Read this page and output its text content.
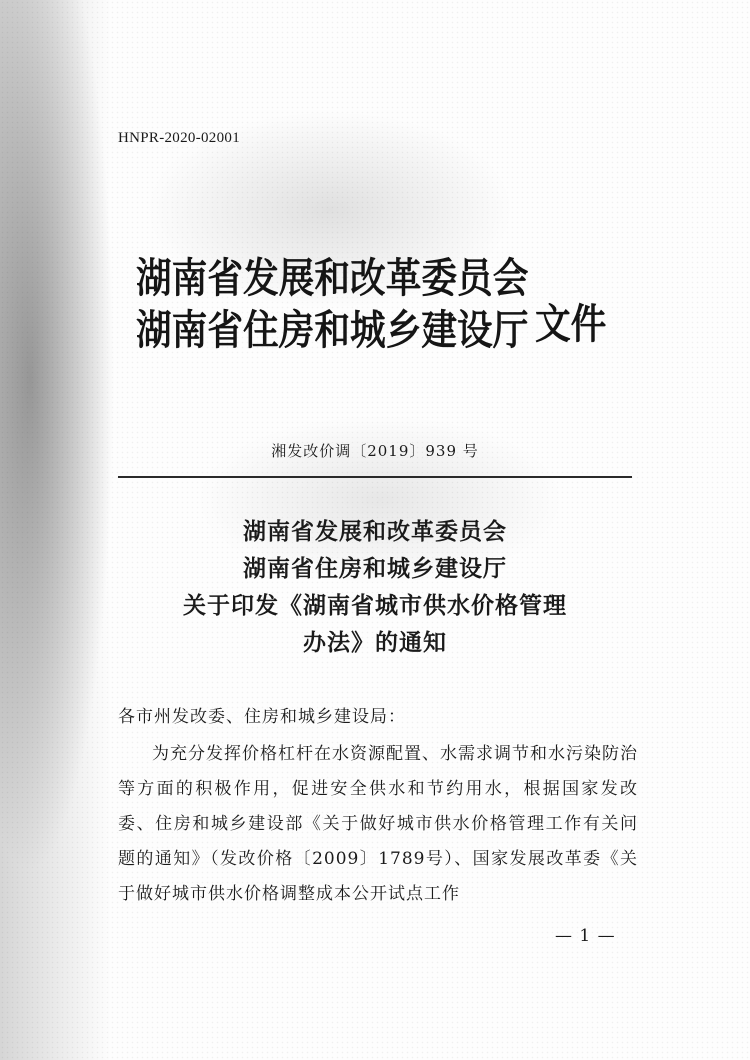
HNPR-2020-02001
湖南省发展和改革委员会
湖南省住房和城乡建设厅 文件
湘发改价调〔2019〕939 号
湖南省发展和改革委员会
湖南省住房和城乡建设厅
关于印发《湖南省城市供水价格管理
办法》的通知

各市州发改委、住房和城乡建设局：

为充分发挥价格杠杆在水资源配置、水需求调节和水污染防治等方面的积极作用，促进安全供水和节约用水，根据国家发改委、住房和城乡建设部《关于做好城市供水价格管理工作有关问题的通知》（发改价格〔2009〕1789号）、国家发展改革委《关于做好城市供水价格调整成本公开试点工作

— 1 —
